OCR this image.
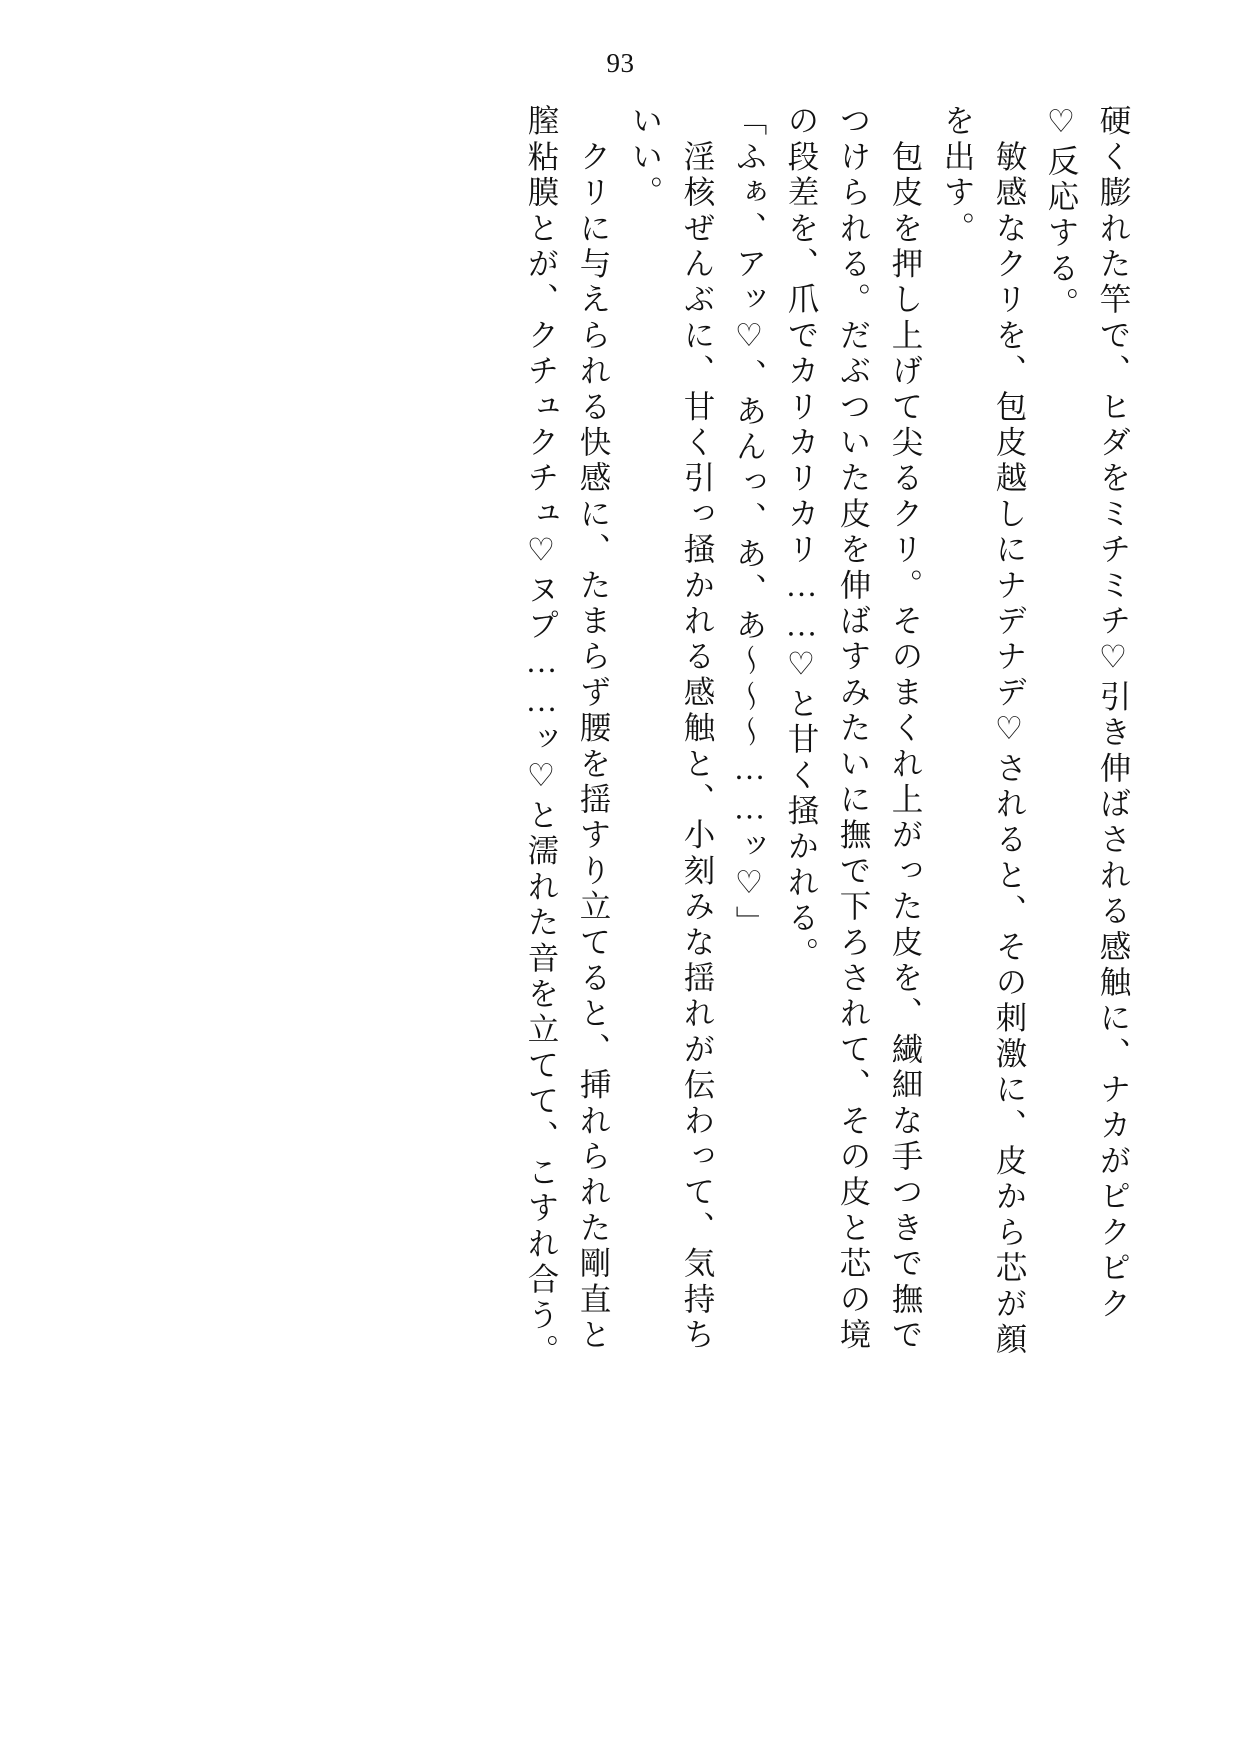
93
硬く膨れた竿で、ヒダをミチミチ♡引き伸ばされる感触に、ナカがピクピク
♡反応する。
　敏感なクリを、包皮越しにナデナデ♡されると、その刺激に、皮から芯が顔
を出す。
　包皮を押し上げて尖るクリ。そのまくれ上がった皮を、繊細な手つきで撫で
つけられる。だぶついた皮を伸ばすみたいに撫で下ろされて、その皮と芯の境
の段差を、爪でカリカリカリ……♡と甘く掻かれる。
「ふぁ、アッ♡、あんっ、あ、あ〜〜〜……ッ♡」
　淫核ぜんぶに、甘く引っ掻かれる感触と、小刻みな揺れが伝わって、気持ち
いい。
　クリに与えられる快感に、たまらず腰を揺すり立てると、挿れられた剛直と
膣粘膜とが、クチュクチュ♡ヌプ……ッ♡と濡れた音を立てて、こすれ合う。
